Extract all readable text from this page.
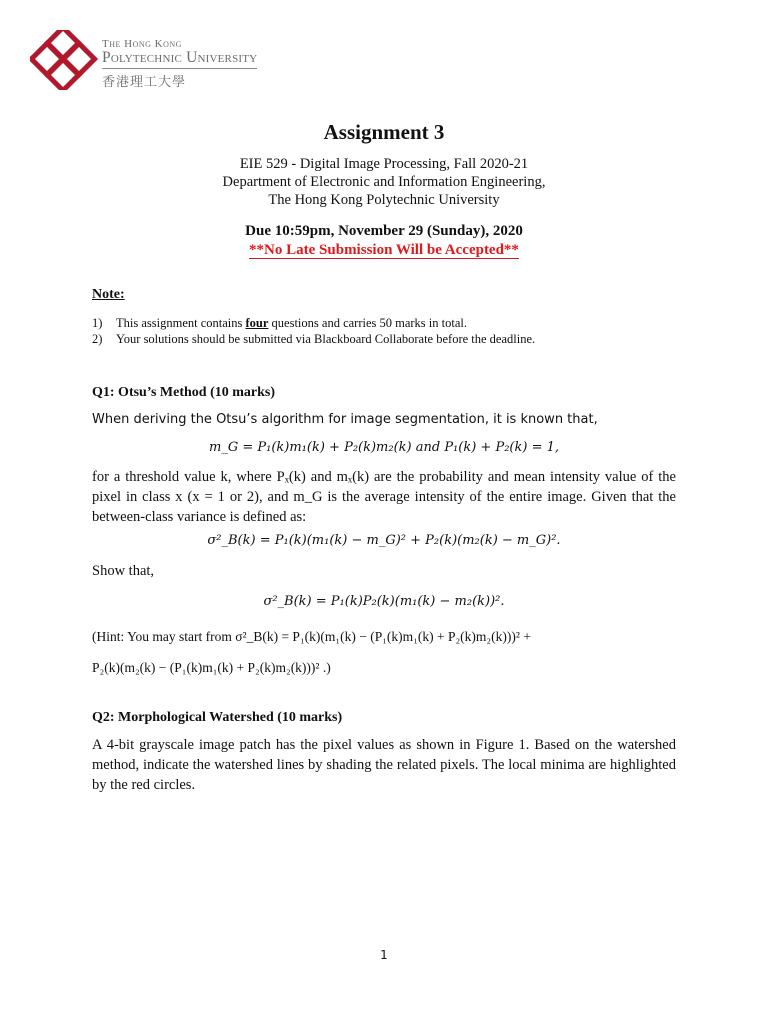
The Hong Kong
Polytechnic University
香港理工大學
Assignment 3
EIE 529 - Digital Image Processing, Fall 2020-21
Department of Electronic and Information Engineering,
The Hong Kong Polytechnic University
Due 10:59pm, November 29 (Sunday), 2020
**No Late Submission Will be Accepted**
Note:
1) This assignment contains four questions and carries 50 marks in total.
2) Your solutions should be submitted via Blackboard Collaborate before the deadline.
Q1: Otsu’s Method (10 marks)
When deriving the Otsu’s algorithm for image segmentation, it is known that,
m_G = P₁(k)m₁(k) + P₂(k)m₂(k) and P₁(k) + P₂(k) = 1,
for a threshold value k, where Pₓ(k) and mₓ(k) are the probability and mean intensity value of the pixel in class x (x = 1 or 2), and m_G is the average intensity of the entire image. Given that the between-class variance is defined as:
σ²_B(k) = P₁(k)(m₁(k) − m_G)² + P₂(k)(m₂(k) − m_G)².
Show that,
σ²_B(k) = P₁(k)P₂(k)(m₁(k) − m₂(k))².
(Hint: You may start from σ²_B(k) = P₁(k)(m₁(k) − (P₁(k)m₁(k) + P₂(k)m₂(k)))² +
P₂(k)(m₂(k) − (P₁(k)m₁(k) + P₂(k)m₂(k)))² .)
Q2: Morphological Watershed (10 marks)
A 4-bit grayscale image patch has the pixel values as shown in Figure 1. Based on the watershed method, indicate the watershed lines by shading the related pixels. The local minima are highlighted by the red circles.
1
